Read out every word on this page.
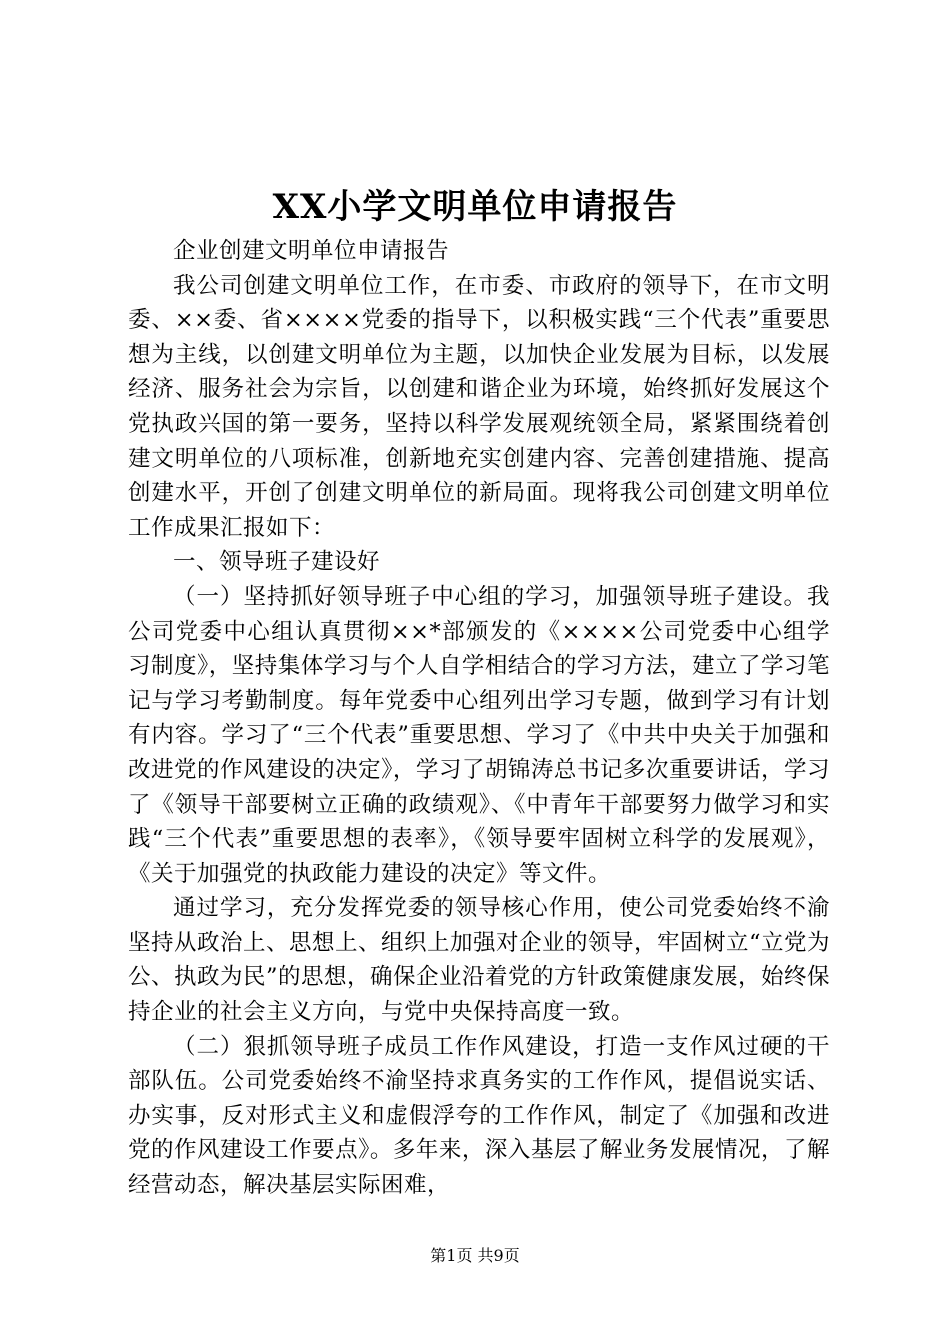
XX小学文明单位申请报告

企业创建文明单位申请报告

我公司创建文明单位工作，在市委、市政府的领导下，在市文明委、××委、省××××党委的指导下，以积极实践“三个代表”重要思想为主线，以创建文明单位为主题，以加快企业发展为目标，以发展经济、服务社会为宗旨，以创建和谐企业为环境，始终抓好发展这个党执政兴国的第一要务，坚持以科学发展观统领全局，紧紧围绕着创建文明单位的八项标准，创新地充实创建内容、完善创建措施、提高创建水平，开创了创建文明单位的新局面。现将我公司创建文明单位工作成果汇报如下：

一、领导班子建设好

（一）坚持抓好领导班子中心组的学习，加强领导班子建设。我公司党委中心组认真贯彻××*部颁发的《××××公司党委中心组学习制度》，坚持集体学习与个人自学相结合的学习方法，建立了学习笔记与学习考勤制度。每年党委中心组列出学习专题，做到学习有计划有内容。学习了“三个代表”重要思想、学习了《中共中央关于加强和改进党的作风建设的决定》，学习了胡锦涛总书记多次重要讲话，学习了《领导干部要树立正确的政绩观》、《中青年干部要努力做学习和实践“三个代表”重要思想的表率》，《领导要牢固树立科学的发展观》，《关于加强党的执政能力建设的决定》等文件。

通过学习，充分发挥党委的领导核心作用，使公司党委始终不渝坚持从政治上、思想上、组织上加强对企业的领导，牢固树立“立党为公、执政为民”的思想，确保企业沿着党的方针政策健康发展，始终保持企业的社会主义方向，与党中央保持高度一致。

（二）狠抓领导班子成员工作作风建设，打造一支作风过硬的干部队伍。公司党委始终不渝坚持求真务实的工作作风，提倡说实话、办实事，反对形式主义和虚假浮夸的工作作风，制定了《加强和改进党的作风建设工作要点》。多年来，深入基层了解业务发展情况，了解经营动态，解决基层实际困难，

第1页 共9页
